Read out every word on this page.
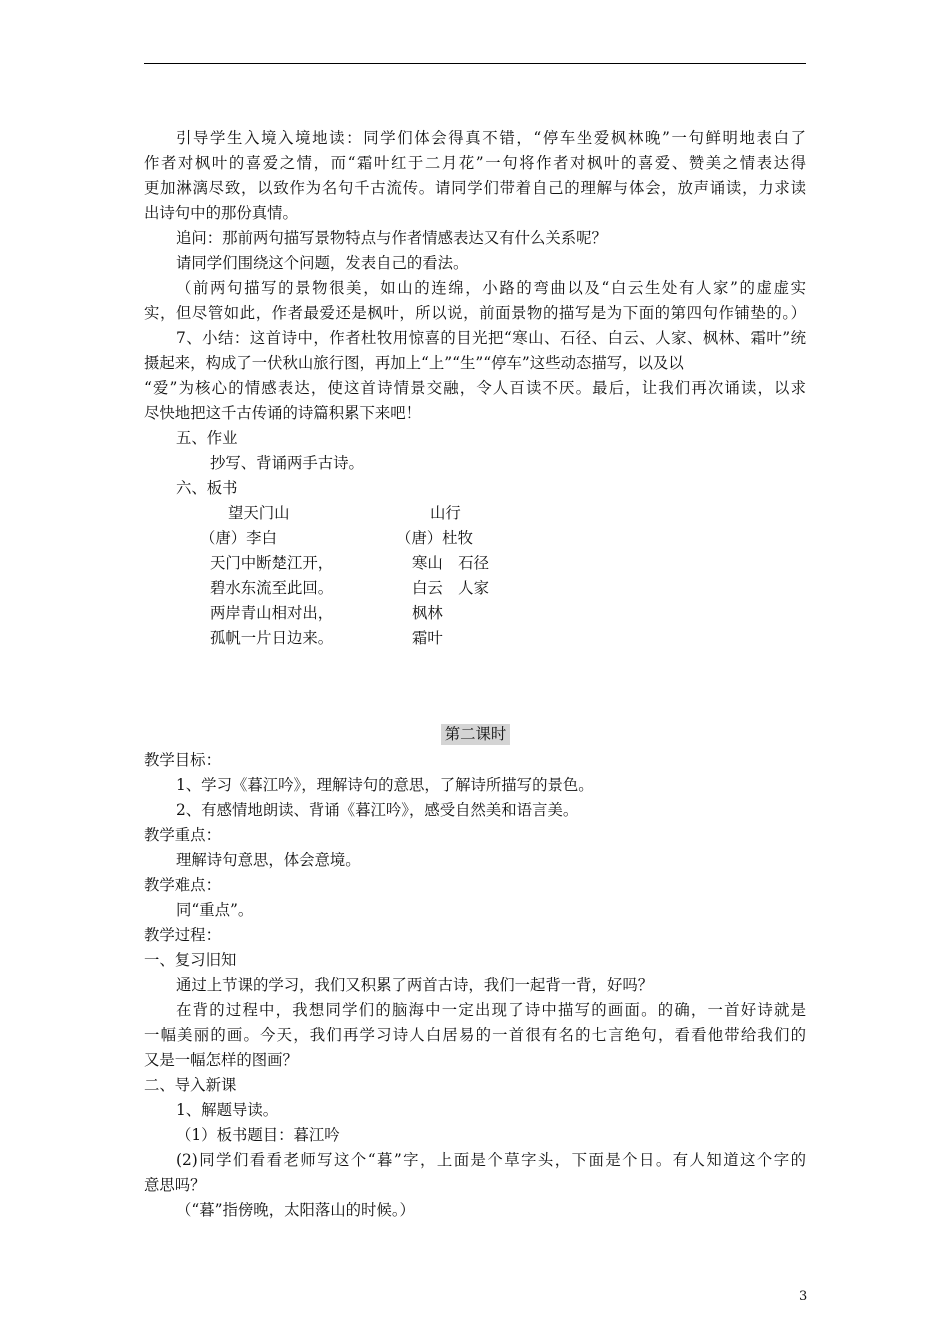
引导学生入境入境地读：同学们体会得真不错，“停车坐爱枫林晚”一句鲜明地表白了
作者对枫叶的喜爱之情，而“霜叶红于二月花”一句将作者对枫叶的喜爱、赞美之情表达得
更加淋漓尽致，以致作为名句千古流传。请同学们带着自己的理解与体会，放声诵读，力求读
出诗句中的那份真情。
追问：那前两句描写景物特点与作者情感表达又有什么关系呢？
请同学们围绕这个问题，发表自己的看法。
（前两句描写的景物很美，如山的连绵，小路的弯曲以及“白云生处有人家”的虚虚实
实，但尽管如此，作者最爱还是枫叶，所以说，前面景物的描写是为下面的第四句作铺垫的。）
7、小结：这首诗中，作者杜牧用惊喜的目光把“寒山、石径、白云、人家、枫林、霜叶”统
摄起来，构成了一伏秋山旅行图，再加上“上”“生”“停车”这些动态描写，以及以
“爱”为核心的情感表达，使这首诗情景交融，令人百读不厌。最后，让我们再次诵读，以求
尽快地把这千古传诵的诗篇积累下来吧！
五、作业
抄写、背诵两手古诗。
六、板书
望天门山
（唐）李白
天门中断楚江开，
碧水东流至此回。
两岸青山相对出，
孤帆一片日边来。
山行
（唐）杜牧
寒山　石径
白云　人家
枫林
霜叶
第二课时
教学目标：
1、学习《暮江吟》，理解诗句的意思，了解诗所描写的景色。
2、有感情地朗读、背诵《暮江吟》，感受自然美和语言美。
教学重点：
理解诗句意思，体会意境。
教学难点：
同“重点”。
教学过程：
一、复习旧知
通过上节课的学习，我们又积累了两首古诗，我们一起背一背，好吗？
在背的过程中，我想同学们的脑海中一定出现了诗中描写的画面。的确，一首好诗就是
一幅美丽的画。今天，我们再学习诗人白居易的一首很有名的七言绝句，看看他带给我们的
又是一幅怎样的图画？
二、导入新课
1、解题导读。
（1）板书题目：暮江吟
(2)同学们看看老师写这个“暮”字，上面是个草字头，下面是个日。有人知道这个字的
意思吗？
（“暮”指傍晚，太阳落山的时候。）
3
